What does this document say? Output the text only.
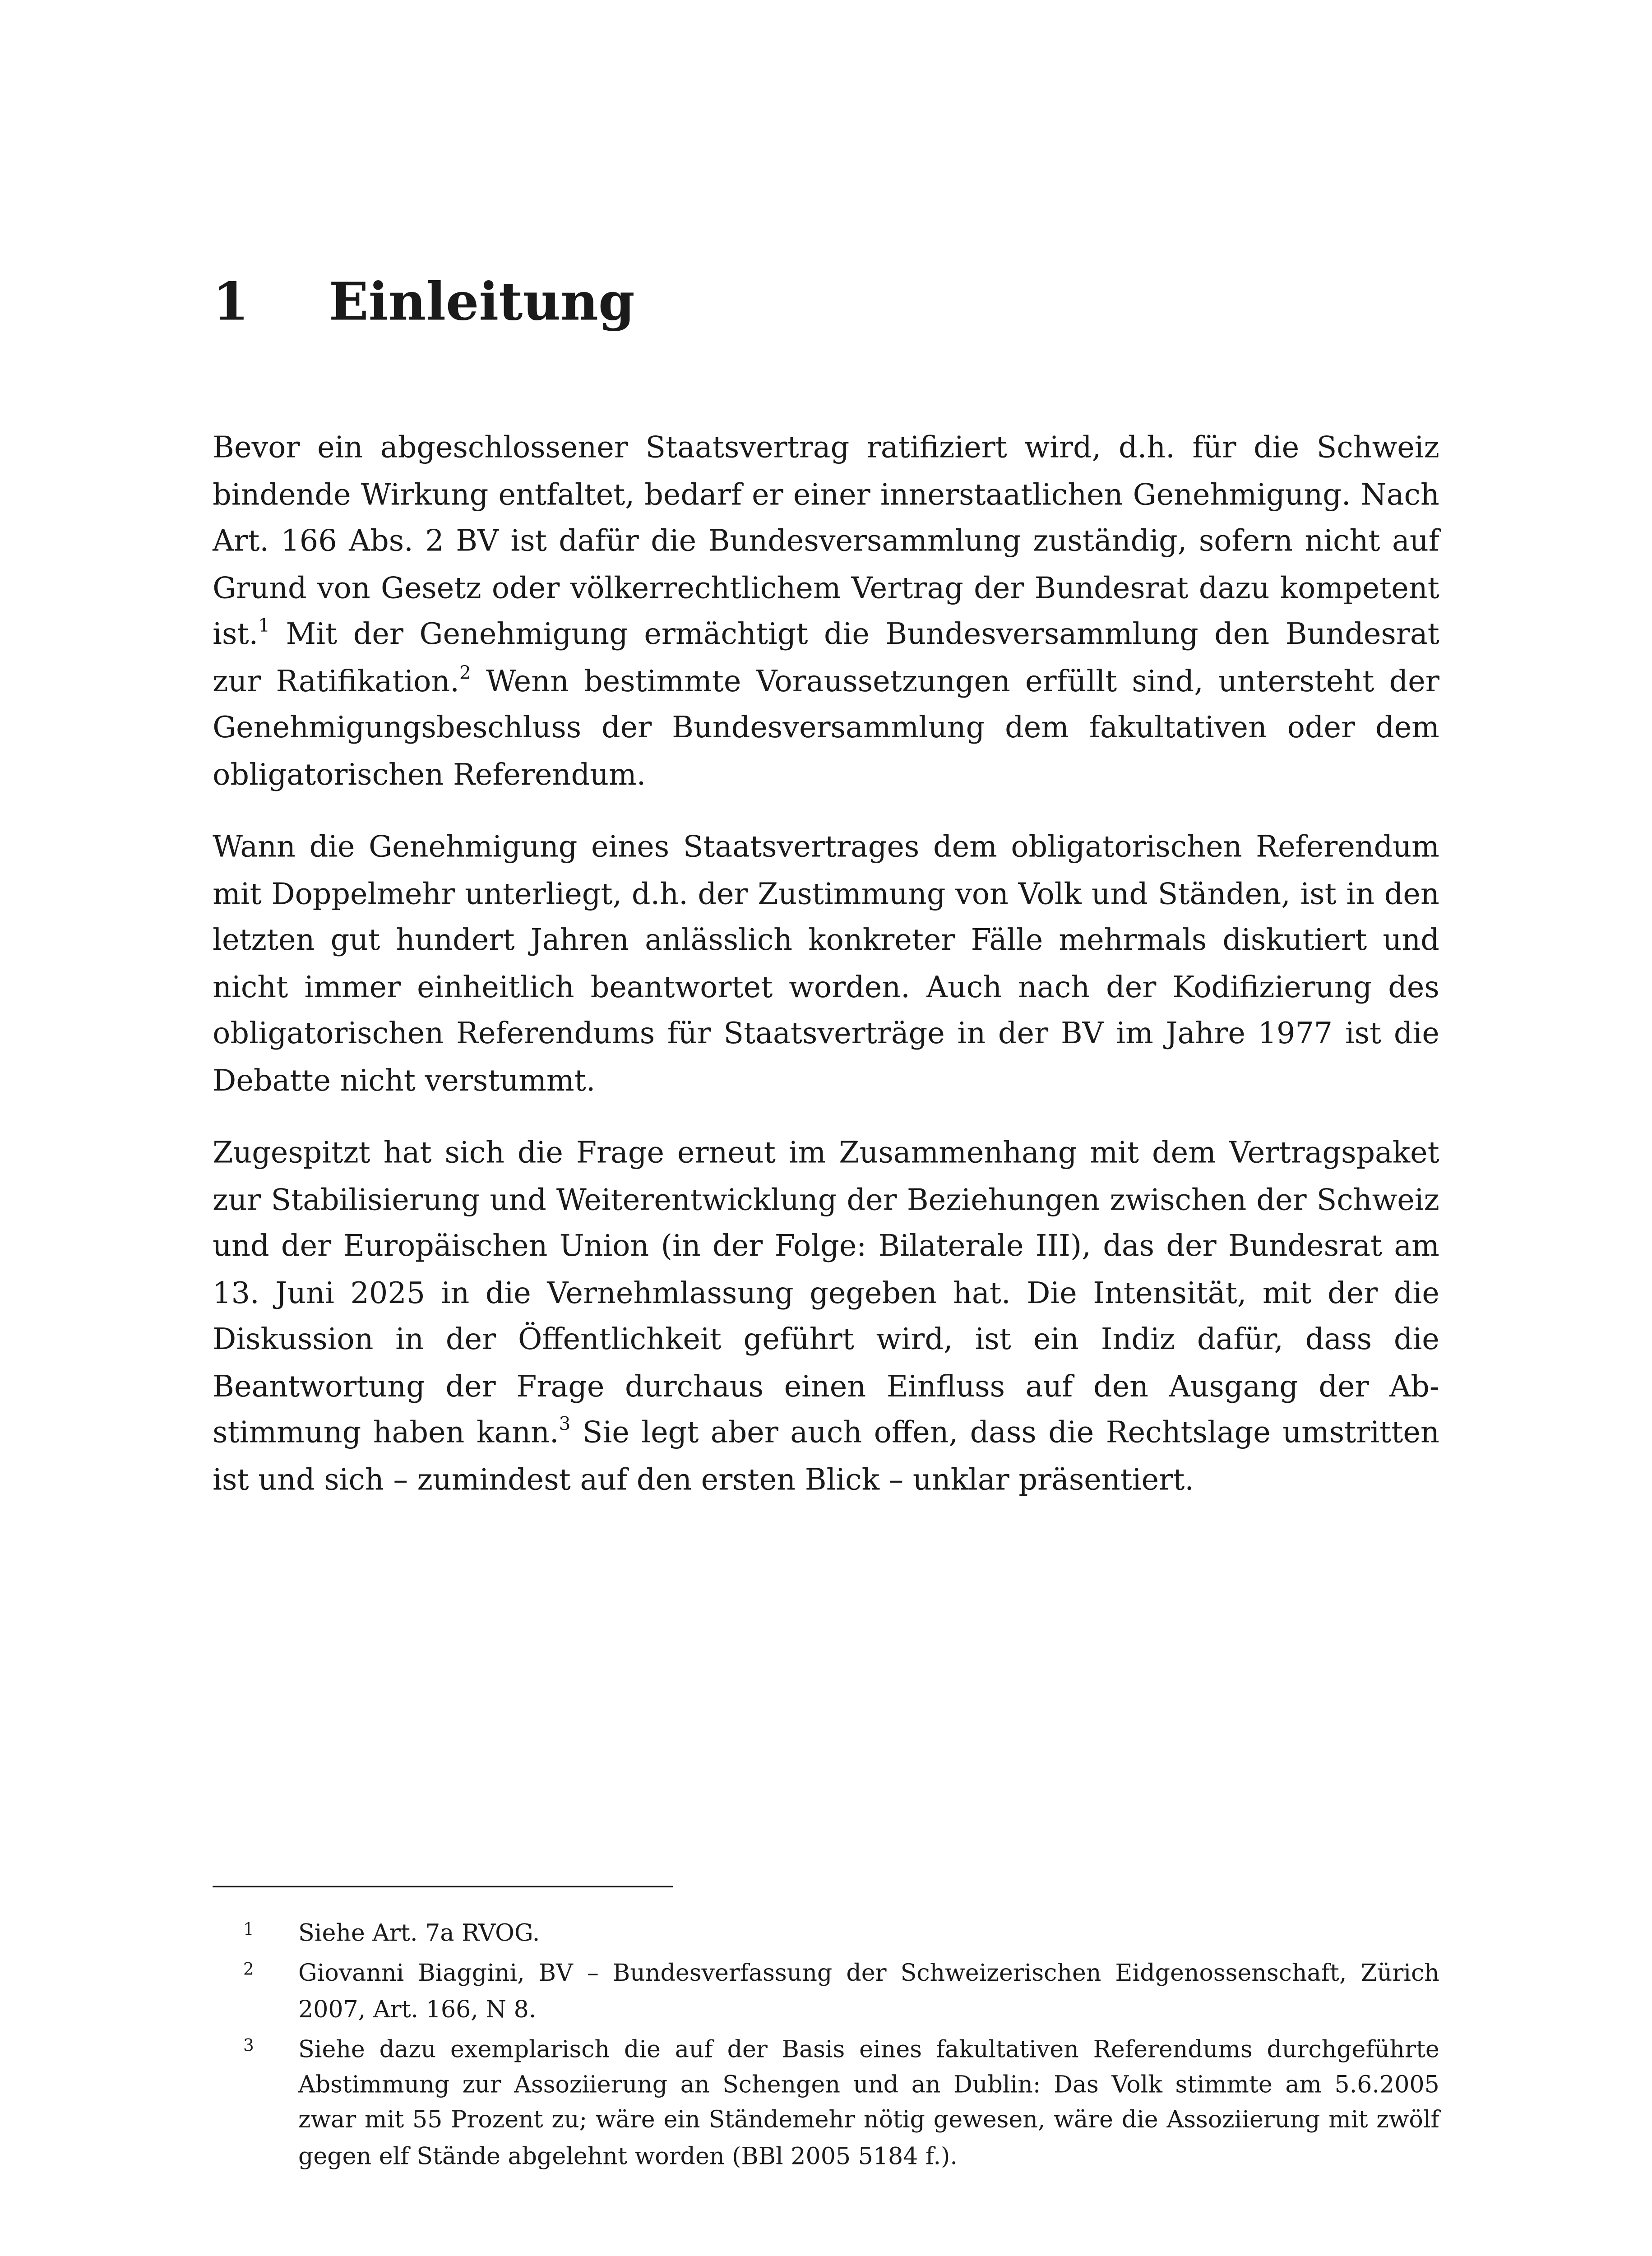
1	Einleitung

Bevor ein abgeschlossener Staatsvertrag ratifiziert wird, d.h. für die Schweiz bindende Wirkung entfaltet, bedarf er einer innerstaatlichen Genehmigung. Nach Art. 166 Abs. 2 BV ist dafür die Bundesversammlung zuständig, sofern nicht auf Grund von Gesetz oder völkerrechtlichem Vertrag der Bundesrat dazu kompetent ist.$^1$ Mit der Genehmigung ermächtigt die Bundesversammlung den Bundesrat zur Ratifikation.$^2$ Wenn bestimmte Voraussetzungen erfüllt sind, untersteht der Genehmigungsbeschluss der Bundesversammlung dem fakultativen oder dem obligatorischen Referendum.

Wann die Genehmigung eines Staatsvertrages dem obligatorischen Referendum mit Doppelmehr unterliegt, d.h. der Zustimmung von Volk und Ständen, ist in den letzten gut hundert Jahren anlässlich konkreter Fälle mehrmals diskutiert und nicht immer einheitlich beantwortet worden. Auch nach der Kodifizierung des obligatorischen Referendums für Staatsverträge in der BV im Jahre 1977 ist die Debatte nicht verstummt.

Zugespitzt hat sich die Frage erneut im Zusammenhang mit dem Vertragspaket zur Stabilisierung und Weiterentwicklung der Beziehungen zwischen der Schweiz und der Europäischen Union (in der Folge: Bilaterale III), das der Bundesrat am 13. Juni 2025 in die Vernehmlassung gegeben hat. Die Intensität, mit der die Diskussion in der Öffentlichkeit geführt wird, ist ein Indiz dafür, dass die Beantwortung der Frage durchaus einen Einfluss auf den Ausgang der Abstimmung haben kann.$^3$ Sie legt aber auch offen, dass die Rechtslage umstritten ist und sich – zumindest auf den ersten Blick – unklar präsentiert.

1	Siehe Art. 7a RVOG.
2	Giovanni Biaggini, BV – Bundesverfassung der Schweizerischen Eidgenossenschaft, Zürich 2007, Art. 166, N 8.
3	Siehe dazu exemplarisch die auf der Basis eines fakultativen Referendums durchgeführte Abstimmung zur Assoziierung an Schengen und an Dublin: Das Volk stimmte am 5.6.2005 zwar mit 55 Prozent zu; wäre ein Ständemehr nötig gewesen, wäre die Assoziierung mit zwölf gegen elf Stände abgelehnt worden (BBl 2005 5184 f.).
